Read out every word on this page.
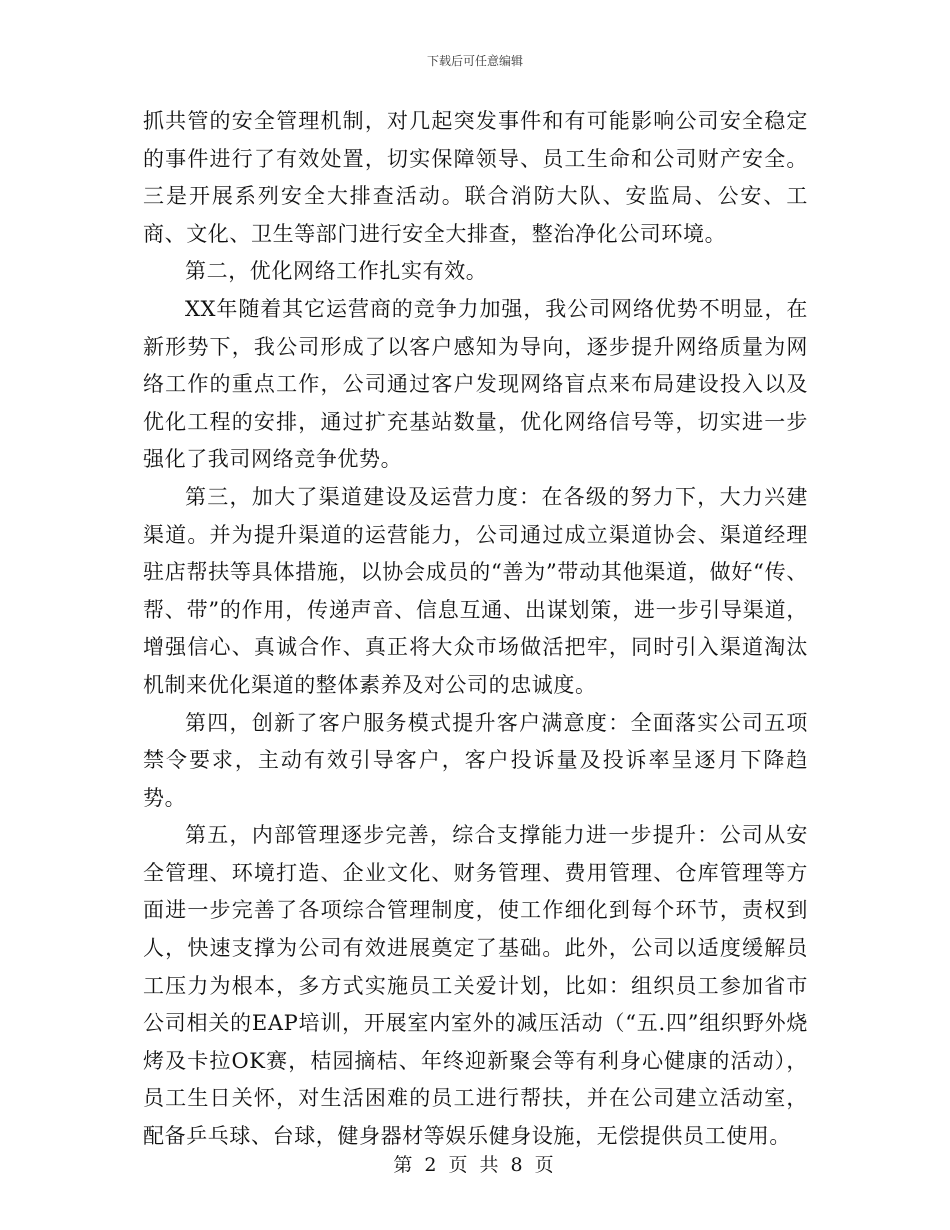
下载后可任意编辑

抓共管的安全管理机制，对几起突发事件和有可能影响公司安全稳定的事件进行了有效处置，切实保障领导、员工生命和公司财产安全。三是开展系列安全大排查活动。联合消防大队、安监局、公安、工商、文化、卫生等部门进行安全大排查，整治净化公司环境。

第二，优化网络工作扎实有效。

XX年随着其它运营商的竞争力加强，我公司网络优势不明显，在新形势下，我公司形成了以客户感知为导向，逐步提升网络质量为网络工作的重点工作，公司通过客户发现网络盲点来布局建设投入以及优化工程的安排，通过扩充基站数量，优化网络信号等，切实进一步强化了我司网络竞争优势。

第三，加大了渠道建设及运营力度：在各级的努力下，大力兴建渠道。并为提升渠道的运营能力，公司通过成立渠道协会、渠道经理驻店帮扶等具体措施，以协会成员的“善为”带动其他渠道，做好“传、帮、带”的作用，传递声音、信息互通、出谋划策，进一步引导渠道，增强信心、真诚合作、真正将大众市场做活把牢，同时引入渠道淘汰机制来优化渠道的整体素养及对公司的忠诚度。

第四，创新了客户服务模式提升客户满意度：全面落实公司五项禁令要求，主动有效引导客户，客户投诉量及投诉率呈逐月下降趋势。

第五，内部管理逐步完善，综合支撑能力进一步提升：公司从安全管理、环境打造、企业文化、财务管理、费用管理、仓库管理等方面进一步完善了各项综合管理制度，使工作细化到每个环节，责权到人，快速支撑为公司有效进展奠定了基础。此外，公司以适度缓解员工压力为根本，多方式实施员工关爱计划，比如：组织员工参加省市公司相关的EAP培训，开展室内室外的减压活动（“五.四”组织野外烧烤及卡拉OK赛，桔园摘桔、年终迎新聚会等有利身心健康的活动），员工生日关怀，对生活困难的员工进行帮扶，并在公司建立活动室，配备乒乓球、台球，健身器材等娱乐健身设施，无偿提供员工使用。

第 2 页 共 8 页
